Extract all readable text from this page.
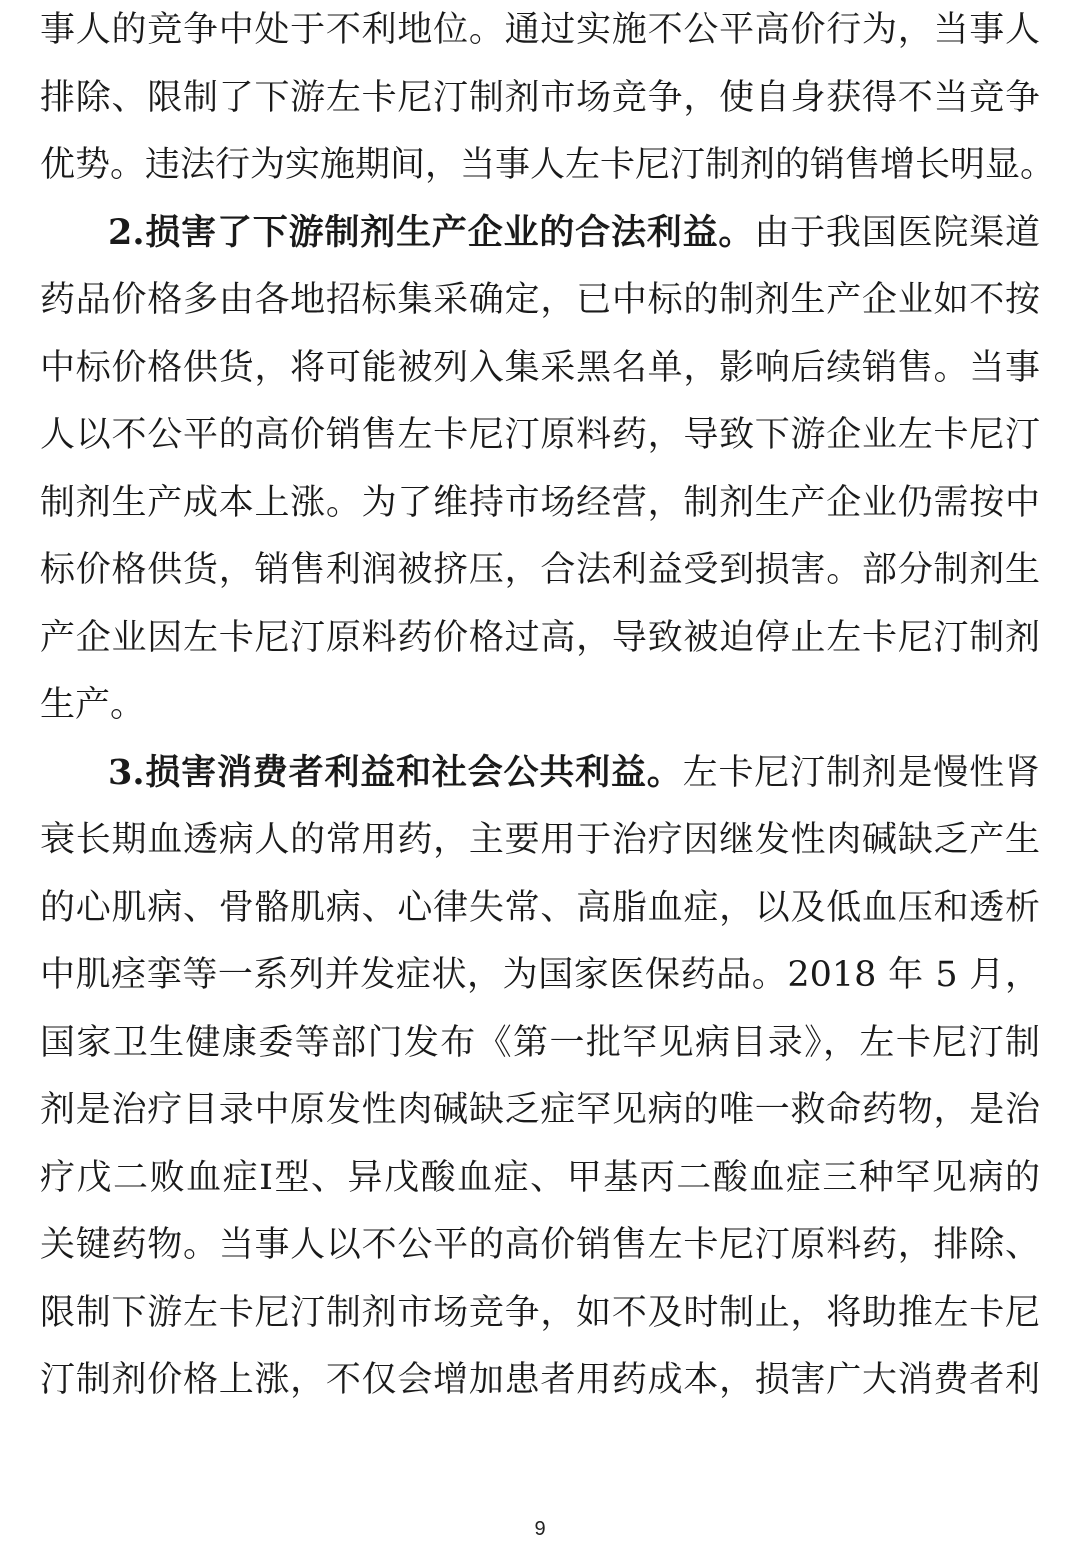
事人的竞争中处于不利地位。通过实施不公平高价行为，当事人
排除、限制了下游左卡尼汀制剂市场竞争，使自身获得不当竞争
优势。违法行为实施期间，当事人左卡尼汀制剂的销售增长明显。
2.损害了下游制剂生产企业的合法利益。由于我国医院渠道
药品价格多由各地招标集采确定，已中标的制剂生产企业如不按
中标价格供货，将可能被列入集采黑名单，影响后续销售。当事
人以不公平的高价销售左卡尼汀原料药，导致下游企业左卡尼汀
制剂生产成本上涨。为了维持市场经营，制剂生产企业仍需按中
标价格供货，销售利润被挤压，合法利益受到损害。部分制剂生
产企业因左卡尼汀原料药价格过高，导致被迫停止左卡尼汀制剂
生产。
3.损害消费者利益和社会公共利益。左卡尼汀制剂是慢性肾
衰长期血透病人的常用药，主要用于治疗因继发性肉碱缺乏产生
的心肌病、骨骼肌病、心律失常、高脂血症，以及低血压和透析
中肌痉挛等一系列并发症状，为国家医保药品。2018 年 5 月，
国家卫生健康委等部门发布《第一批罕见病目录》，左卡尼汀制
剂是治疗目录中原发性肉碱缺乏症罕见病的唯一救命药物，是治
疗戊二败血症I型、异戊酸血症、甲基丙二酸血症三种罕见病的
关键药物。当事人以不公平的高价销售左卡尼汀原料药，排除、
限制下游左卡尼汀制剂市场竞争，如不及时制止，将助推左卡尼
汀制剂价格上涨，不仅会增加患者用药成本，损害广大消费者利
9
